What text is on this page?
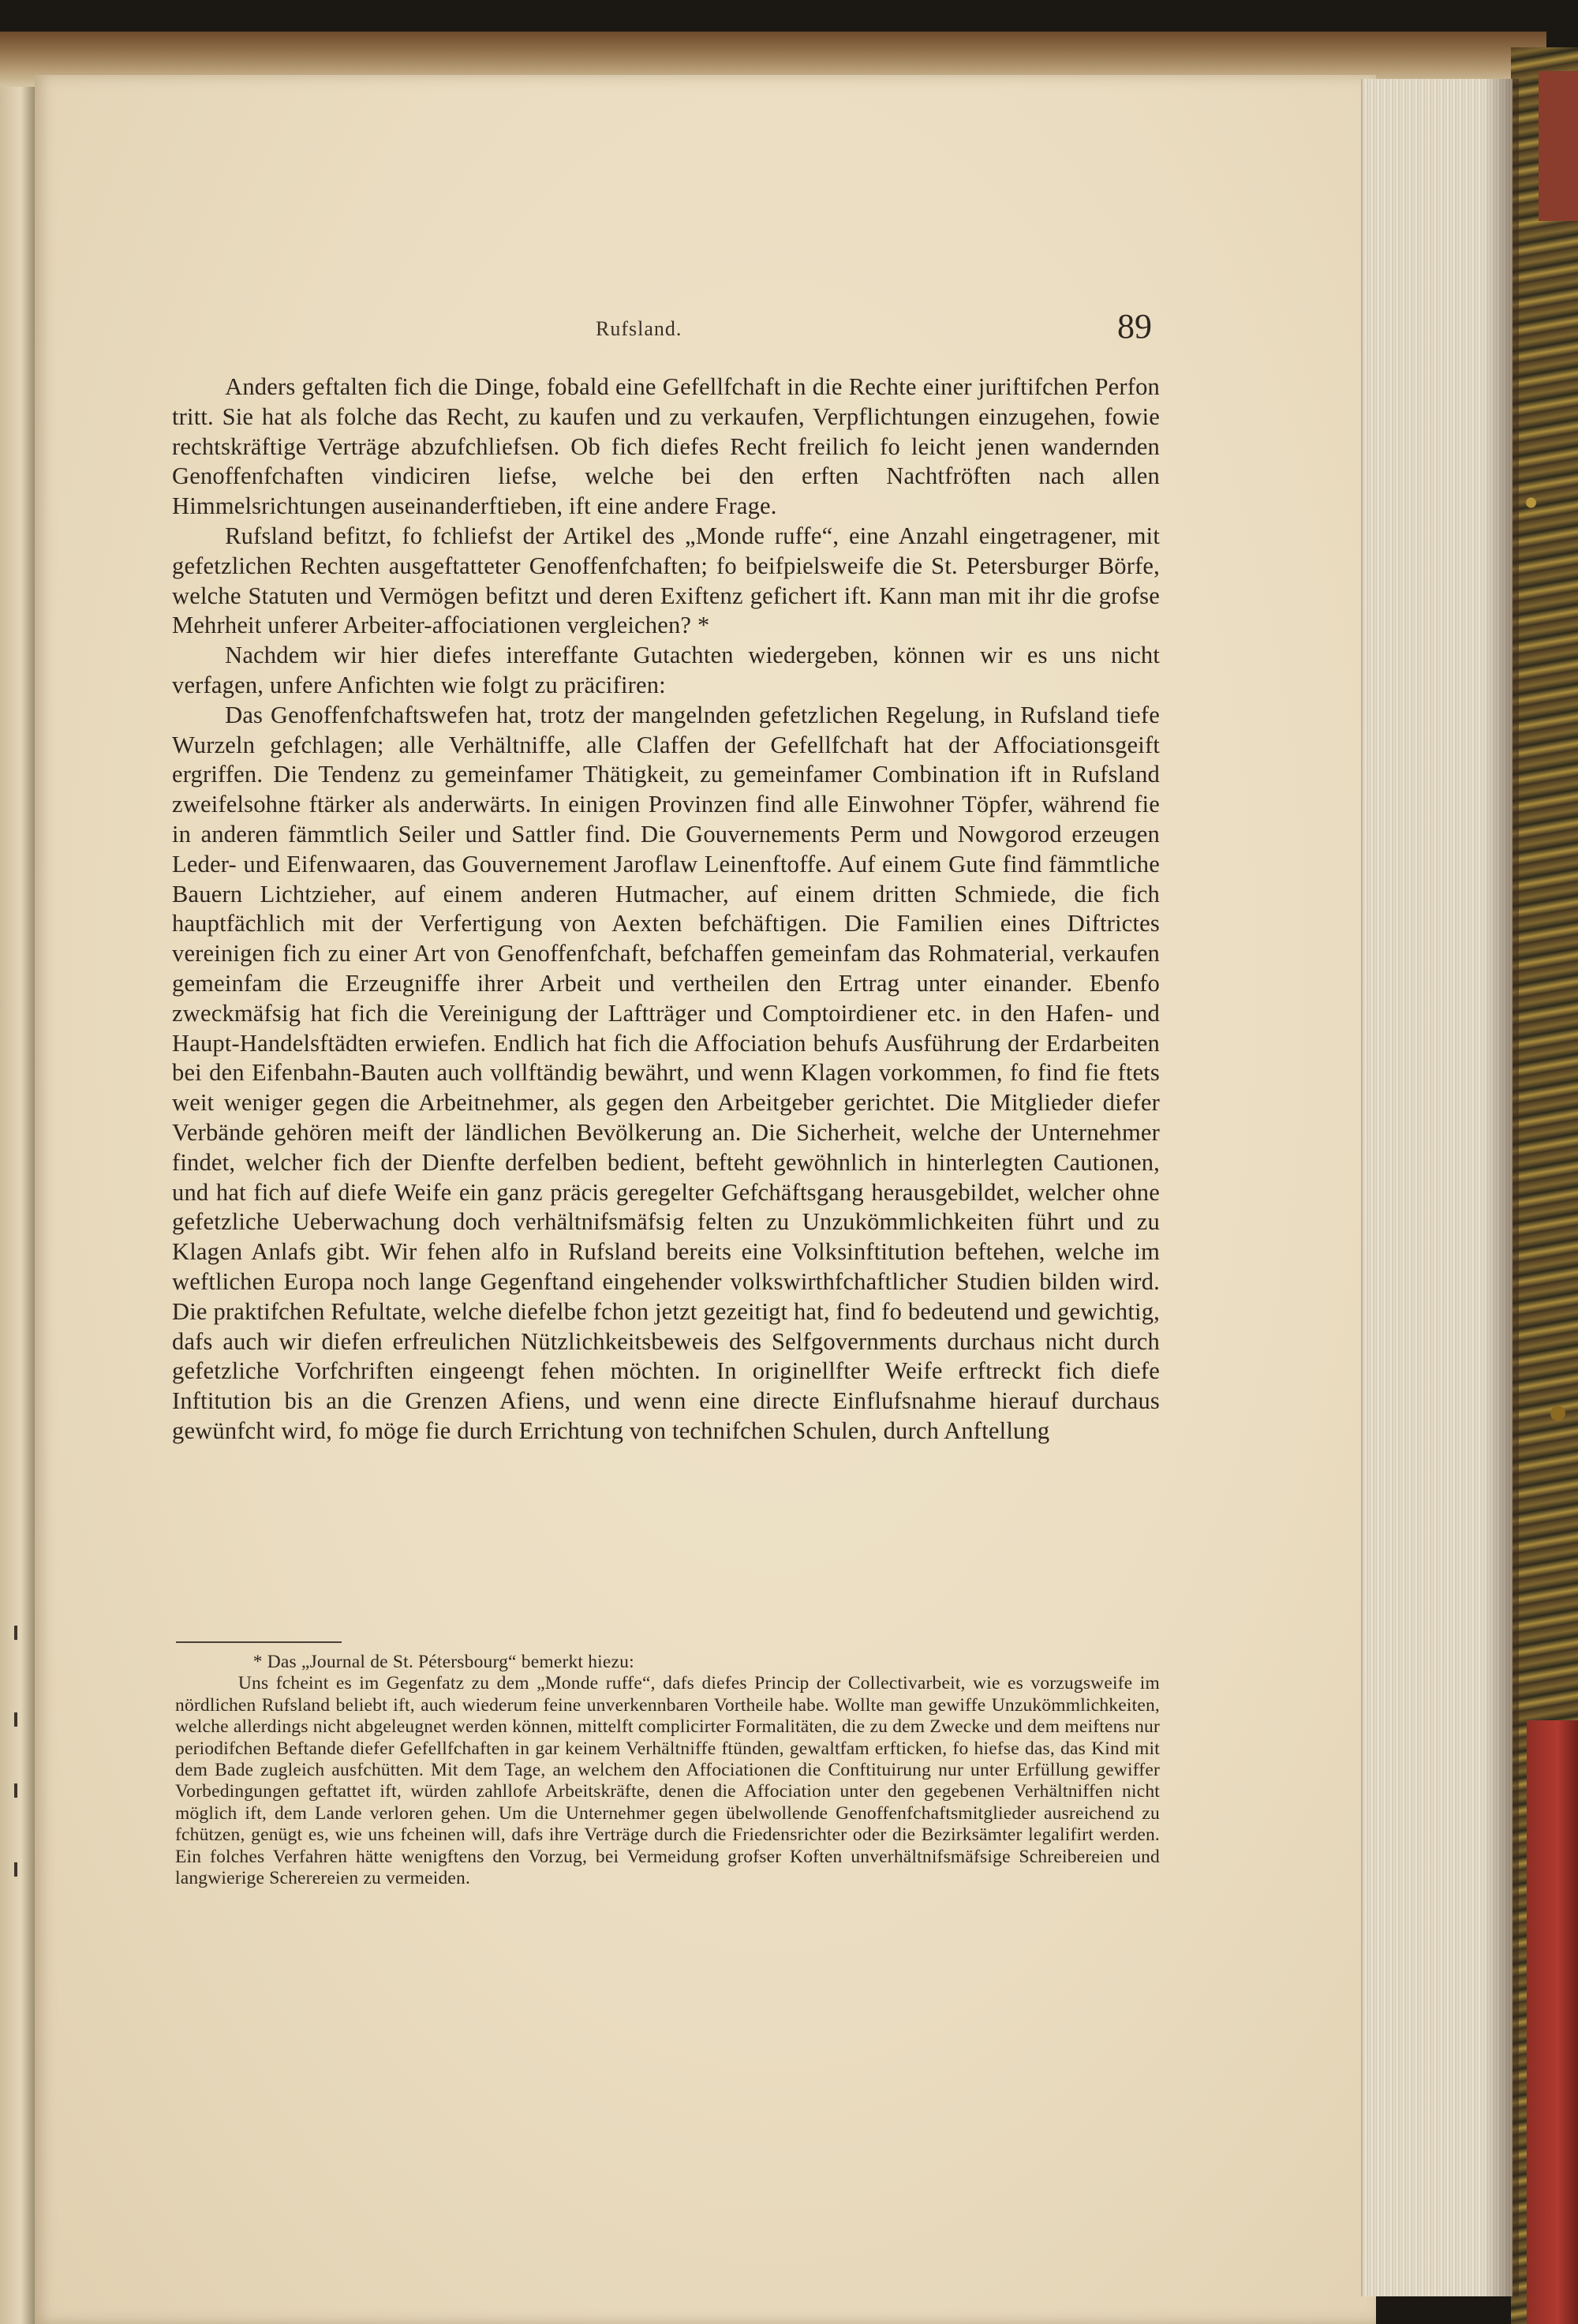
Rufsland.	89

Anders geftalten fich die Dinge, fobald eine Gefellfchaft in die Rechte einer juriftifchen Perfon tritt. Sie hat als folche das Recht, zu kaufen und zu verkaufen, Verpflichtungen einzugehen, fowie rechtskräftige Verträge abzufchliefsen. Ob fich diefes Recht freilich fo leicht jenen wandernden Genoffenfchaften vindiciren liefse, welche bei den erften Nachtfröften nach allen Himmelsrichtungen auseinanderftieben, ift eine andere Frage.

Rufsland befitzt, fo fchliefst der Artikel des „Monde ruffe“, eine Anzahl eingetragener, mit gefetzlichen Rechten ausgeftatteter Genoffenfchaften; fo beifpielsweife die St. Petersburger Börfe, welche Statuten und Vermögen befitzt und deren Exiftenz gefichert ift. Kann man mit ihr die grofse Mehrheit unferer Arbeiter-affociationen vergleichen? *

Nachdem wir hier diefes intereffante Gutachten wiedergeben, können wir es uns nicht verfagen, unfere Anfichten wie folgt zu präcifiren:

Das Genoffenfchaftswefen hat, trotz der mangelnden gefetzlichen Regelung, in Rufsland tiefe Wurzeln gefchlagen; alle Verhältniffe, alle Claffen der Gefellfchaft hat der Affociationsgeift ergriffen. Die Tendenz zu gemeinfamer Thätigkeit, zu gemeinfamer Combination ift in Rufsland zweifelsohne ftärker als anderwärts. In einigen Provinzen find alle Einwohner Töpfer, während fie in anderen fämmtlich Seiler und Sattler find. Die Gouvernements Perm und Nowgorod erzeugen Leder- und Eifenwaaren, das Gouvernement Jaroflaw Leinenftoffe. Auf einem Gute find fämmtliche Bauern Lichtzieher, auf einem anderen Hutmacher, auf einem dritten Schmiede, die fich hauptfächlich mit der Verfertigung von Aexten befchäftigen. Die Familien eines Diftrictes vereinigen fich zu einer Art von Genoffenfchaft, befchaffen gemeinfam das Rohmaterial, verkaufen gemeinfam die Erzeugniffe ihrer Arbeit und vertheilen den Ertrag unter einander. Ebenfo zweckmäfsig hat fich die Vereinigung der Laftträger und Comptoirdiener etc. in den Hafen- und Haupt-Handelsftädten erwiefen. Endlich hat fich die Affociation behufs Ausführung der Erdarbeiten bei den Eifenbahn-Bauten auch vollftändig bewährt, und wenn Klagen vorkommen, fo find fie ftets weit weniger gegen die Arbeitnehmer, als gegen den Arbeitgeber gerichtet. Die Mitglieder diefer Verbände gehören meift der ländlichen Bevölkerung an. Die Sicherheit, welche der Unternehmer findet, welcher fich der Dienfte derfelben bedient, befteht gewöhnlich in hinterlegten Cautionen, und hat fich auf diefe Weife ein ganz präcis geregelter Gefchäftsgang herausgebildet, welcher ohne gefetzliche Ueberwachung doch verhältnifsmäfsig felten zu Unzukömmlichkeiten führt und zu Klagen Anlafs gibt. Wir fehen alfo in Rufsland bereits eine Volksinftitution beftehen, welche im weftlichen Europa noch lange Gegenftand eingehender volkswirthfchaftlicher Studien bilden wird. Die praktifchen Refultate, welche diefelbe fchon jetzt gezeitigt hat, find fo bedeutend und gewichtig, dafs auch wir diefen erfreulichen Nützlichkeitsbeweis des Selfgovernments durchaus nicht durch gefetzliche Vorfchriften eingeengt fehen möchten. In originellfter Weife erftreckt fich diefe Inftitution bis an die Grenzen Afiens, und wenn eine directe Einflufsnahme hierauf durchaus gewünfcht wird, fo möge fie durch Errichtung von technifchen Schulen, durch Anftellung

* Das „Journal de St. Pétersbourg“ bemerkt hiezu:

Uns fcheint es im Gegenfatz zu dem „Monde ruffe“, dafs diefes Princip der Collectivarbeit, wie es vorzugsweife im nördlichen Rufsland beliebt ift, auch wiederum feine unverkennbaren Vortheile habe. Wollte man gewiffe Unzukömmlichkeiten, welche allerdings nicht abgeleugnet werden können, mittelft complicirter Formalitäten, die zu dem Zwecke und dem meiftens nur periodifchen Beftande diefer Gefellfchaften in gar keinem Verhältniffe ftünden, gewaltfam erfticken, fo hiefse das, das Kind mit dem Bade zugleich ausfchütten. Mit dem Tage, an welchem den Affociationen die Conftituirung nur unter Erfüllung gewiffer Vorbedingungen geftattet ift, würden zahllofe Arbeitskräfte, denen die Affociation unter den gegebenen Verhältniffen nicht möglich ift, dem Lande verloren gehen. Um die Unternehmer gegen übelwollende Genoffenfchaftsmitglieder ausreichend zu fchützen, genügt es, wie uns fcheinen will, dafs ihre Verträge durch die Friedensrichter oder die Bezirksämter legalifirt werden. Ein folches Verfahren hätte wenigftens den Vorzug, bei Vermeidung grofser Koften unverhältnifsmäfsige Schreibereien und langwierige Scherereien zu vermeiden.
